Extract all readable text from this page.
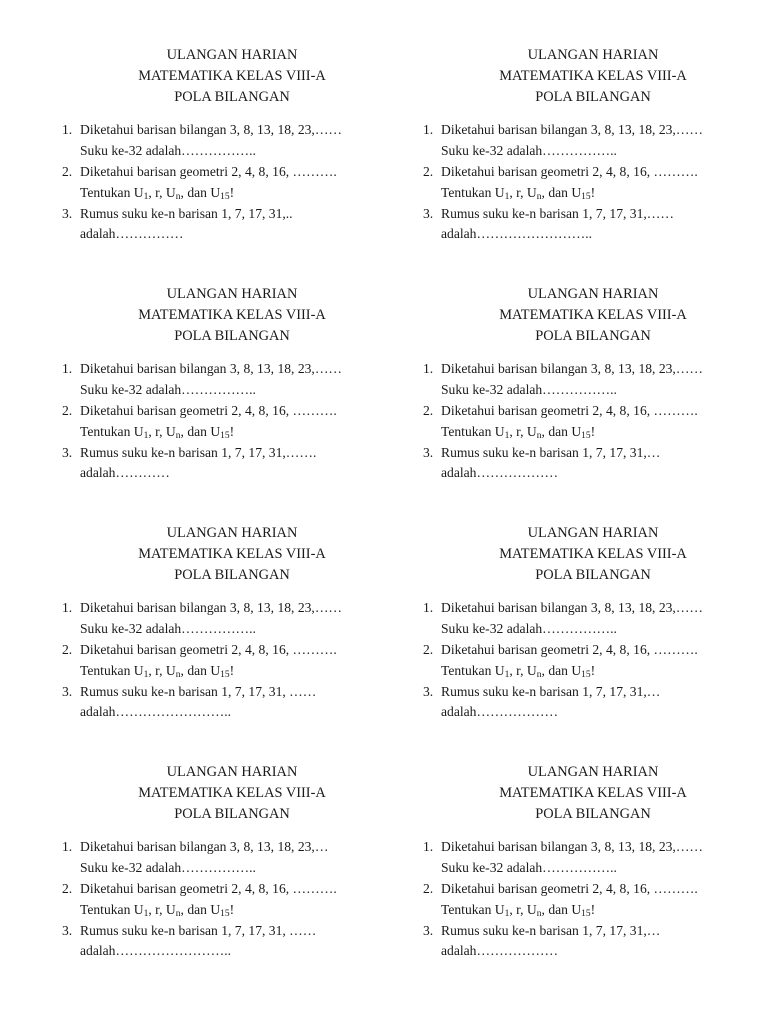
ULANGAN HARIAN
MATEMATIKA KELAS VIII-A
POLA BILANGAN
1. Diketahui barisan bilangan 3, 8, 13, 18, 23,……
Suku ke-32 adalah……………..
2. Diketahui barisan geometri 2, 4, 8, 16, ……….
Tentukan $U_1$, r, $U_n$, dan $U_{15}$!
3. Rumus suku ke-n barisan 1, 7, 17, 31,..
adalah……………
ULANGAN HARIAN
MATEMATIKA KELAS VIII-A
POLA BILANGAN
1. Diketahui barisan bilangan 3, 8, 13, 18, 23,……
Suku ke-32 adalah……………..
2. Diketahui barisan geometri 2, 4, 8, 16, ……….
Tentukan $U_1$, r, $U_n$, dan $U_{15}$!
3. Rumus suku ke-n barisan 1, 7, 17, 31,……
adalah……………………..
ULANGAN HARIAN
MATEMATIKA KELAS VIII-A
POLA BILANGAN
1. Diketahui barisan bilangan 3, 8, 13, 18, 23,……
Suku ke-32 adalah……………..
2. Diketahui barisan geometri 2, 4, 8, 16, ……….
Tentukan $U_1$, r, $U_n$, dan $U_{15}$!
3. Rumus suku ke-n barisan 1, 7, 17, 31,…….
adalah…………
ULANGAN HARIAN
MATEMATIKA KELAS VIII-A
POLA BILANGAN
1. Diketahui barisan bilangan 3, 8, 13, 18, 23,……
Suku ke-32 adalah……………..
2. Diketahui barisan geometri 2, 4, 8, 16, ……….
Tentukan $U_1$, r, $U_n$, dan $U_{15}$!
3. Rumus suku ke-n barisan 1, 7, 17, 31,…
adalah………………
ULANGAN HARIAN
MATEMATIKA KELAS VIII-A
POLA BILANGAN
1. Diketahui barisan bilangan 3, 8, 13, 18, 23,……
Suku ke-32 adalah……………..
2. Diketahui barisan geometri 2, 4, 8, 16, ……….
Tentukan $U_1$, r, $U_n$, dan $U_{15}$!
3. Rumus suku ke-n barisan 1, 7, 17, 31, ……
adalah……………………..
ULANGAN HARIAN
MATEMATIKA KELAS VIII-A
POLA BILANGAN
1. Diketahui barisan bilangan 3, 8, 13, 18, 23,……
Suku ke-32 adalah……………..
2. Diketahui barisan geometri 2, 4, 8, 16, ……….
Tentukan $U_1$, r, $U_n$, dan $U_{15}$!
3. Rumus suku ke-n barisan 1, 7, 17, 31,…
adalah………………
ULANGAN HARIAN
MATEMATIKA KELAS VIII-A
POLA BILANGAN
1. Diketahui barisan bilangan 3, 8, 13, 18, 23,…
Suku ke-32 adalah……………..
2. Diketahui barisan geometri 2, 4, 8, 16, ……….
Tentukan $U_1$, r, $U_n$, dan $U_{15}$!
3. Rumus suku ke-n barisan 1, 7, 17, 31, ……
adalah……………………..
ULANGAN HARIAN
MATEMATIKA KELAS VIII-A
POLA BILANGAN
1. Diketahui barisan bilangan 3, 8, 13, 18, 23,……
Suku ke-32 adalah……………..
2. Diketahui barisan geometri 2, 4, 8, 16, ……….
Tentukan $U_1$, r, $U_n$, dan $U_{15}$!
3. Rumus suku ke-n barisan 1, 7, 17, 31,…
adalah………………
